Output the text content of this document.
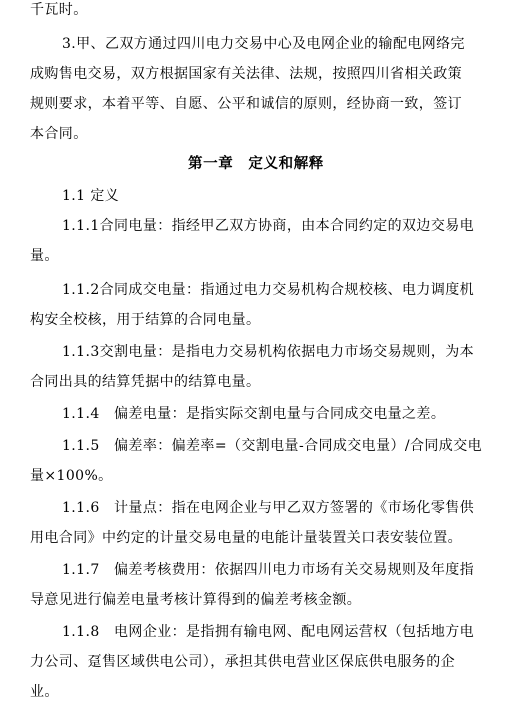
千瓦时。
3.甲、乙双方通过四川电力交易中心及电网企业的输配电网络完
成购售电交易，双方根据国家有关法律、法规，按照四川省相关政策
规则要求，本着平等、自愿、公平和诚信的原则，经协商一致，签订
本合同。
第一章　定义和解释
1.1 定义
1.1.1合同电量：指经甲乙双方协商，由本合同约定的双边交易电
量。
1.1.2合同成交电量：指通过电力交易机构合规校核、电力调度机
构安全校核，用于结算的合同电量。
1.1.3交割电量：是指电力交易机构依据电力市场交易规则，为本
合同出具的结算凭据中的结算电量。
1.1.4　偏差电量：是指实际交割电量与合同成交电量之差。
1.1.5　偏差率：偏差率=（交割电量-合同成交电量）/合同成交电
量×100%。
1.1.6　计量点：指在电网企业与甲乙双方签署的《市场化零售供
用电合同》中约定的计量交易电量的电能计量装置关口表安装位置。
1.1.7　偏差考核费用：依据四川电力市场有关交易规则及年度指
导意见进行偏差电量考核计算得到的偏差考核金额。
1.1.8　电网企业：是指拥有输电网、配电网运营权（包括地方电
力公司、趸售区域供电公司），承担其供电营业区保底供电服务的企
业。
